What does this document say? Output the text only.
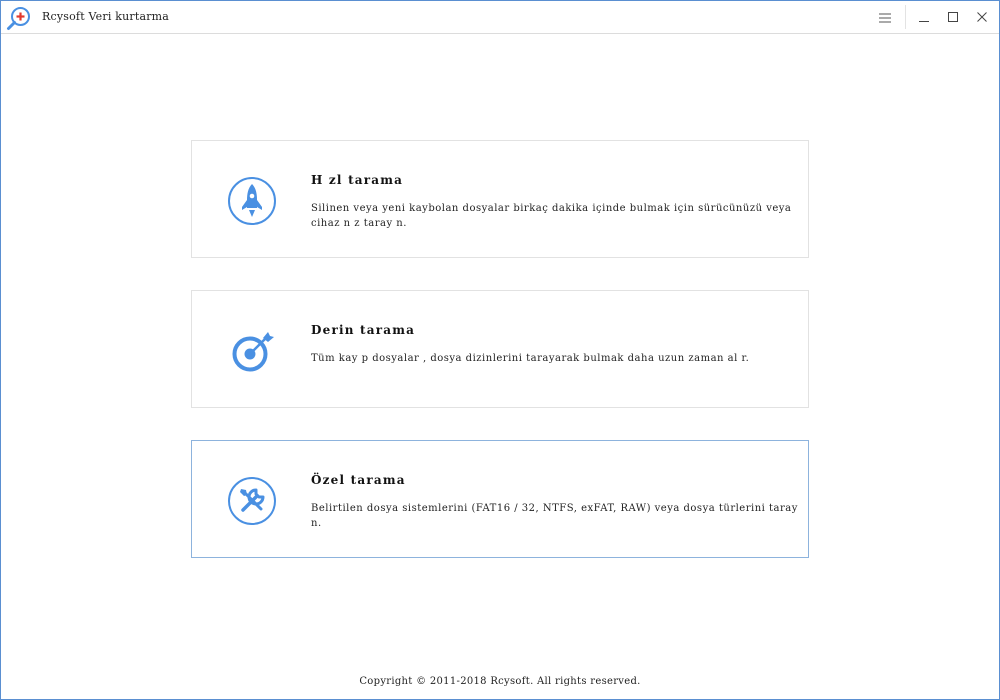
Rcysoft Veri kurtarma
H zl tarama
Silinen veya yeni kaybolan dosyalar birkaç dakika içinde bulmak için sürücünüzü veya cihaz n z taray n.
Derin tarama
Tüm kay p dosyalar , dosya dizinlerini tarayarak bulmak daha uzun zaman al r.
Özel tarama
Belirtilen dosya sistemlerini (FAT16 / 32, NTFS, exFAT, RAW) veya dosya türlerini taray n.
Copyright © 2011-2018 Rcysoft. All rights reserved.
